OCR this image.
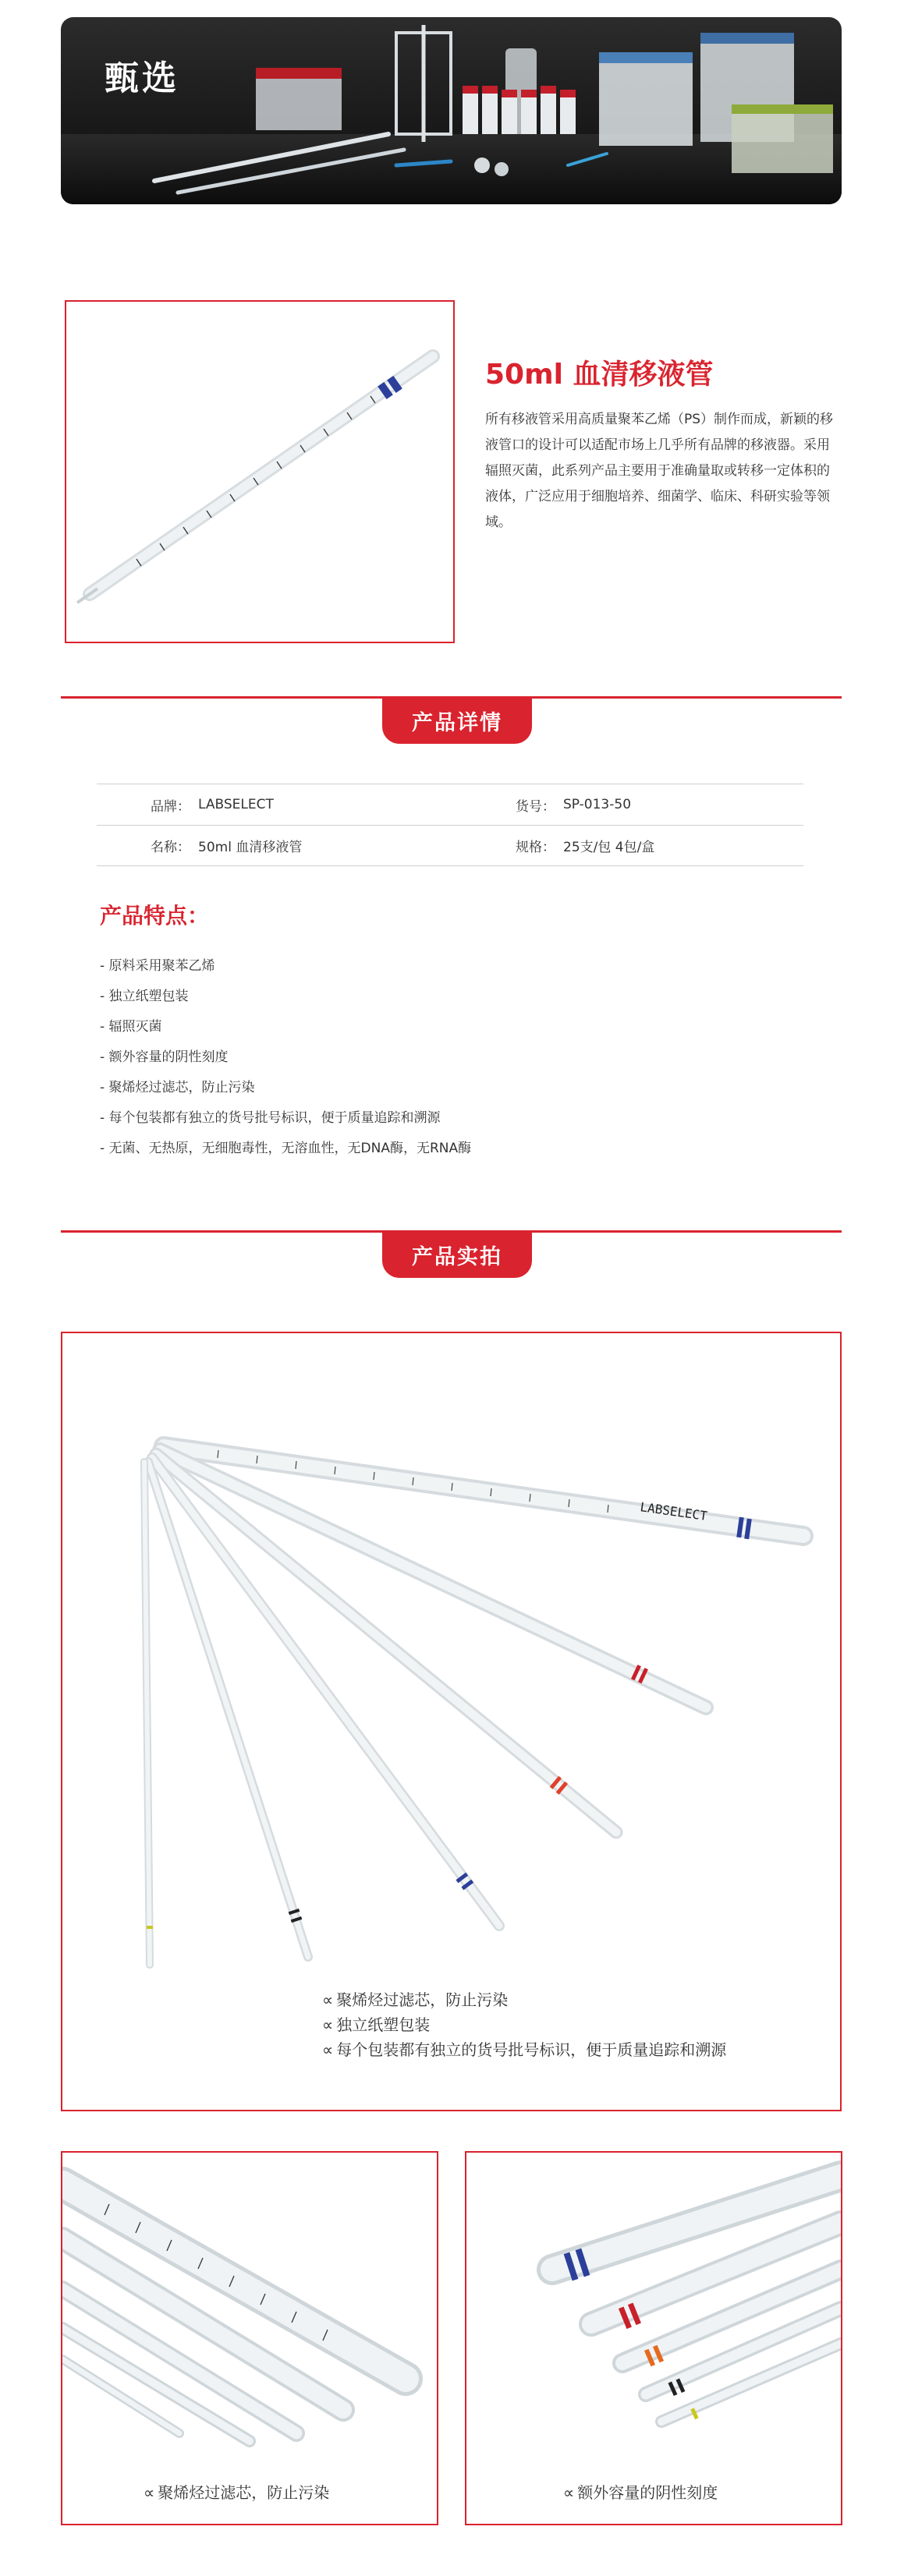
甄选
50ml 血清移液管
所有移液管采用高质量聚苯乙烯（PS）制作而成，新颖的移液管口的设计可以适配市场上几乎所有品牌的移液器。采用辐照灭菌，此系列产品主要用于准确量取或转移一定体积的液体，广泛应用于细胞培养、细菌学、临床、科研实验等领域。
产品详情
品牌： LABSELECT	货号： SP-013-50
名称： 50ml 血清移液管	规格： 25支/包 4包/盒
产品特点：
- 原料采用聚苯乙烯
- 独立纸塑包装
- 辐照灭菌
- 额外容量的阴性刻度
- 聚烯烃过滤芯，防止污染
- 每个包装都有独立的货号批号标识，便于质量追踪和溯源
- 无菌、无热原，无细胞毒性，无溶血性，无DNA酶，无RNA酶
产品实拍
LABSELECT
∝ 聚烯烃过滤芯，防止污染
∝ 独立纸塑包装
∝ 每个包装都有独立的货号批号标识，便于质量追踪和溯源
∝ 聚烯烃过滤芯，防止污染	∝ 额外容量的阴性刻度
